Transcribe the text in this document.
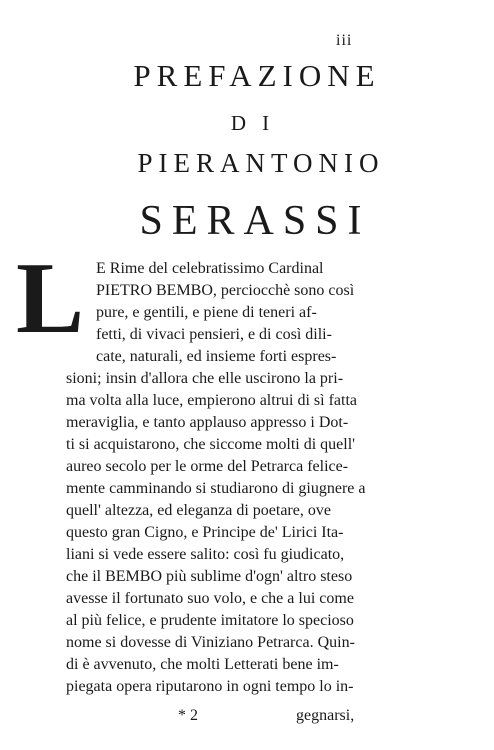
iii
PREFAZIONE
DI
PIERANTONIO
SERASSI
L E Rime del celebratissimo Cardinal
PIETRO BEMBO, perciocchè sono così
pure, e gentili, e piene di teneri af-
fetti, di vivaci pensieri, e di così dili-
cate, naturali, ed insieme forti espres-
sioni; insin d'allora che elle uscirono la pri-
ma volta alla luce, empierono altrui di sì fatta
meraviglia, e tanto applauso appresso i Dot-
ti si acquistarono, che siccome molti di quell'
aureo secolo per le orme del Petrarca felice-
mente camminando si studiarono di giugnere a
quell' altezza, ed eleganza di poetare, ove
questo gran Cigno, e Principe de' Lirici Ita-
liani si vede essere salito: così fu giudicato,
che il BEMBO più sublime d'ogn' altro steso
avesse il fortunato suo volo, e che a lui come
al più felice, e prudente imitatore lo specioso
nome si dovesse di Viniziano Petrarca. Quin-
di è avvenuto, che molti Letterati bene im-
piegata opera riputarono in ogni tempo lo in-
* 2	gegnarsi,
